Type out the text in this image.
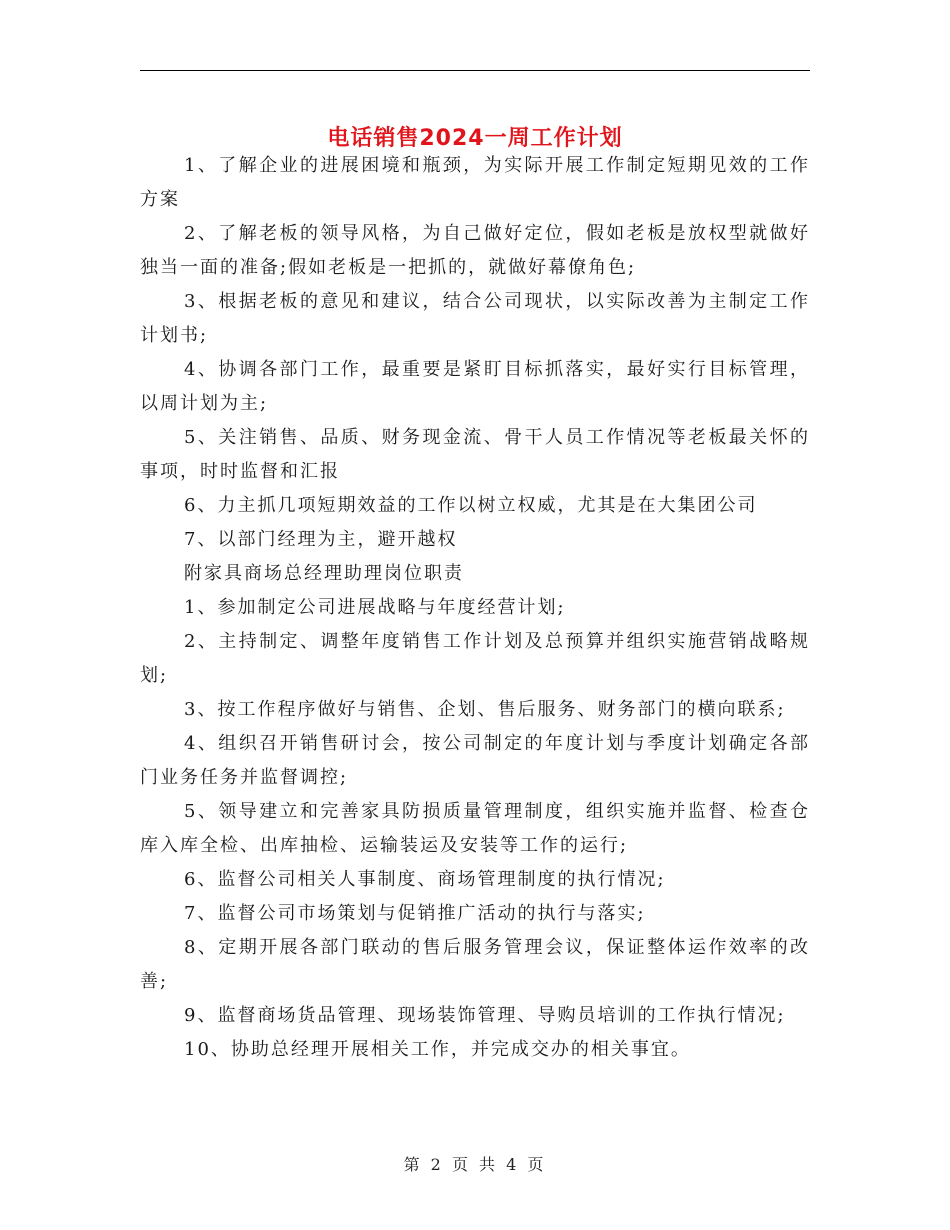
电话销售2024一周工作计划

1、了解企业的进展困境和瓶颈，为实际开展工作制定短期见效的工作方案

2、了解老板的领导风格，为自己做好定位，假如老板是放权型就做好独当一面的准备;假如老板是一把抓的，就做好幕僚角色;

3、根据老板的意见和建议，结合公司现状，以实际改善为主制定工作计划书;

4、协调各部门工作，最重要是紧盯目标抓落实，最好实行目标管理，以周计划为主;

5、关注销售、品质、财务现金流、骨干人员工作情况等老板最关怀的事项，时时监督和汇报

6、力主抓几项短期效益的工作以树立权威，尤其是在大集团公司

7、以部门经理为主，避开越权

附家具商场总经理助理岗位职责

1、参加制定公司进展战略与年度经营计划;

2、主持制定、调整年度销售工作计划及总预算并组织实施营销战略规划;

3、按工作程序做好与销售、企划、售后服务、财务部门的横向联系;

4、组织召开销售研讨会，按公司制定的年度计划与季度计划确定各部门业务任务并监督调控;

5、领导建立和完善家具防损质量管理制度，组织实施并监督、检查仓库入库全检、出库抽检、运输装运及安装等工作的运行;

6、监督公司相关人事制度、商场管理制度的执行情况;

7、监督公司市场策划与促销推广活动的执行与落实;

8、定期开展各部门联动的售后服务管理会议，保证整体运作效率的改善;

9、监督商场货品管理、现场装饰管理、导购员培训的工作执行情况;

10、协助总经理开展相关工作，并完成交办的相关事宜。

第 2 页 共 4 页
